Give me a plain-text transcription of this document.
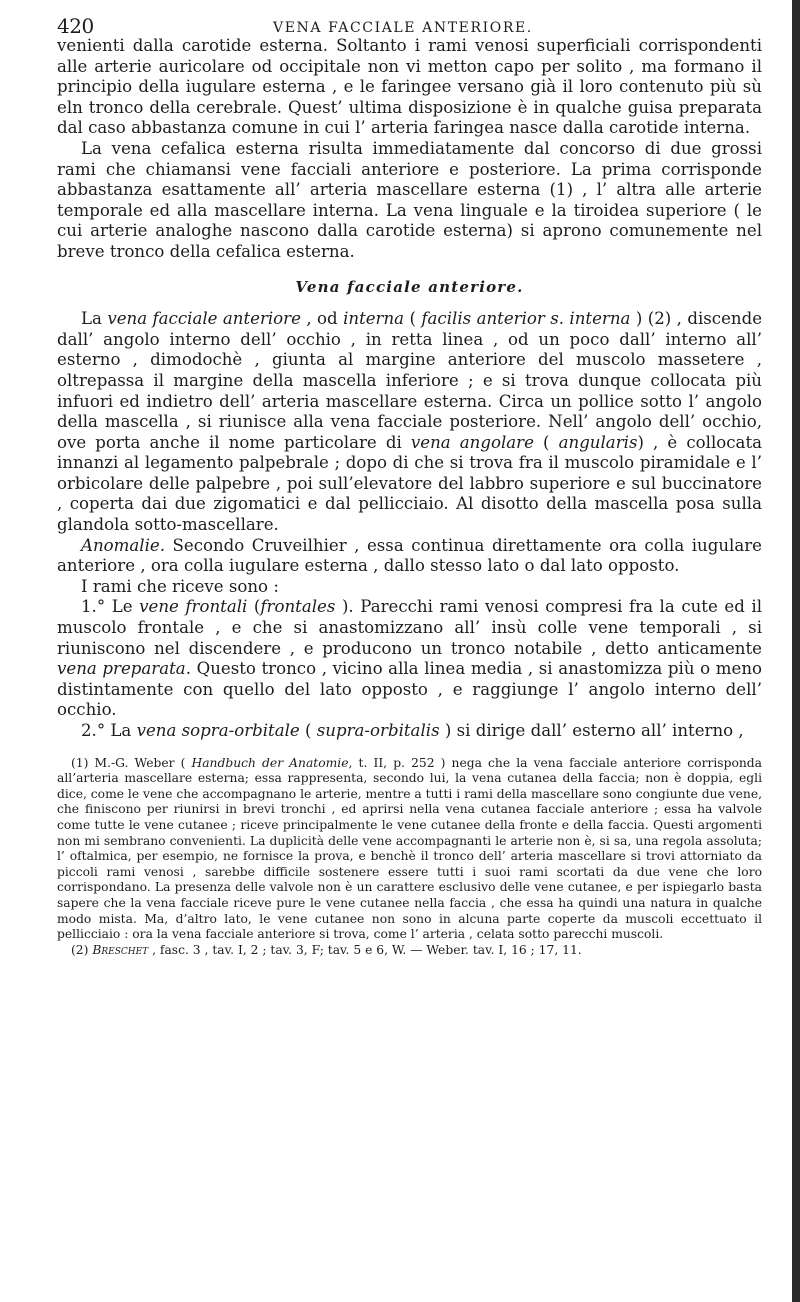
420	VENA FACCIALE ANTERIORE.

venienti dalla carotide esterna. Soltanto i rami venosi superficiali corrispondenti alle arterie auricolare od occipitale non vi metton capo per solito , ma formano il principio della iugulare esterna , e le faringee versano già il loro contenuto più sù eln tronco della cerebrale. Quest’ ultima disposizione è in qualche guisa preparata dal caso abbastanza comune in cui l’ arteria faringea nasce dalla carotide interna.

La vena cefalica esterna risulta immediatamente dal concorso di due grossi rami che chiamansi vene facciali anteriore e posteriore. La prima corrisponde abbastanza esattamente all’ arteria mascellare esterna (1) , l’ altra alle arterie temporale ed alla mascellare interna. La vena linguale e la tiroidea superiore ( le cui arterie analoghe nascono dalla carotide esterna) si aprono comunemente nel breve tronco della cefalica esterna.

Vena facciale anteriore.

La vena facciale anteriore , od interna ( facilis anterior s. interna ) (2) , discende dall’ angolo interno dell’ occhio , in retta linea , od un poco dall’ interno all’ esterno , dimodochè , giunta al margine anteriore del muscolo massetere , oltrepassa il margine della mascella inferiore ; e si trova dunque collocata più infuori ed indietro dell’ arteria mascellare esterna. Circa un pollice sotto l’ angolo della mascella , si riunisce alla vena facciale posteriore. Nell’ angolo dell’ occhio, ove porta anche il nome particolare di vena angolare ( angularis) , è collocata innanzi al legamento palpebrale ; dopo di che si trova fra il muscolo piramidale e l’ orbicolare delle palpebre , poi sull’elevatore del labbro superiore e sul buccinatore , coperta dai due zigomatici e dal pellicciaio. Al disotto della mascella posa sulla glandola sotto-mascellare.

Anomalie. Secondo Cruveilhier , essa continua direttamente ora colla iugulare anteriore , ora colla iugulare esterna , dallo stesso lato o dal lato opposto.

I rami che riceve sono :

1.° Le vene frontali (frontales ). Parecchi rami venosi compresi fra la cute ed il muscolo frontale , e che si anastomizzano all’ insù colle vene temporali , si riuniscono nel discendere , e producono un tronco notabile , detto anticamente vena preparata. Questo tronco , vicino alla linea media , si anastomizza più o meno distintamente con quello del lato opposto , e raggiunge l’ angolo interno dell’ occhio.

2.° La vena sopra-orbitale ( supra-orbitalis ) si dirige dall’ esterno all’ interno ,

(1) M.-G. Weber ( Handbuch der Anatomie, t. II, p. 252 ) nega che la vena facciale anteriore corrisponda all’arteria mascellare esterna; essa rappresenta, secondo lui, la vena cutanea della faccia; non è doppia, egli dice, come le vene che accompagnano le arterie, mentre a tutti i rami della mascellare sono congiunte due vene, che finiscono per riunirsi in brevi tronchi , ed aprirsi nella vena cutanea facciale anteriore ; essa ha valvole come tutte le vene cutanee ; riceve principalmente le vene cutanee della fronte e della faccia. Questi argomenti non mi sembrano convenienti. La duplicità delle vene accompagnanti le arterie non è, si sa, una regola assoluta; l’ oftalmica, per esempio, ne fornisce la prova, e benchè il tronco dell’ arteria mascellare si trovi attorniato da piccoli rami venosi , sarebbe difficile sostenere essere tutti i suoi rami scortati da due vene che loro corrispondano. La presenza delle valvole non è un carattere esclusivo delle vene cutanee, e per ispiegarlo basta sapere che la vena facciale riceve pure le vene cutanee nella faccia , che essa ha quindi una natura in qualche modo mista. Ma, d’altro lato, le vene cutanee non sono in alcuna parte coperte da muscoli eccettuato il pellicciaio : ora la vena facciale anteriore si trova, come l’ arteria , celata sotto parecchi muscoli.

(2) Breschet , fasc. 3 , tav. I, 2 ; tav. 3, F; tav. 5 e 6, W. — Weber. tav. I, 16 ; 17, 11.
